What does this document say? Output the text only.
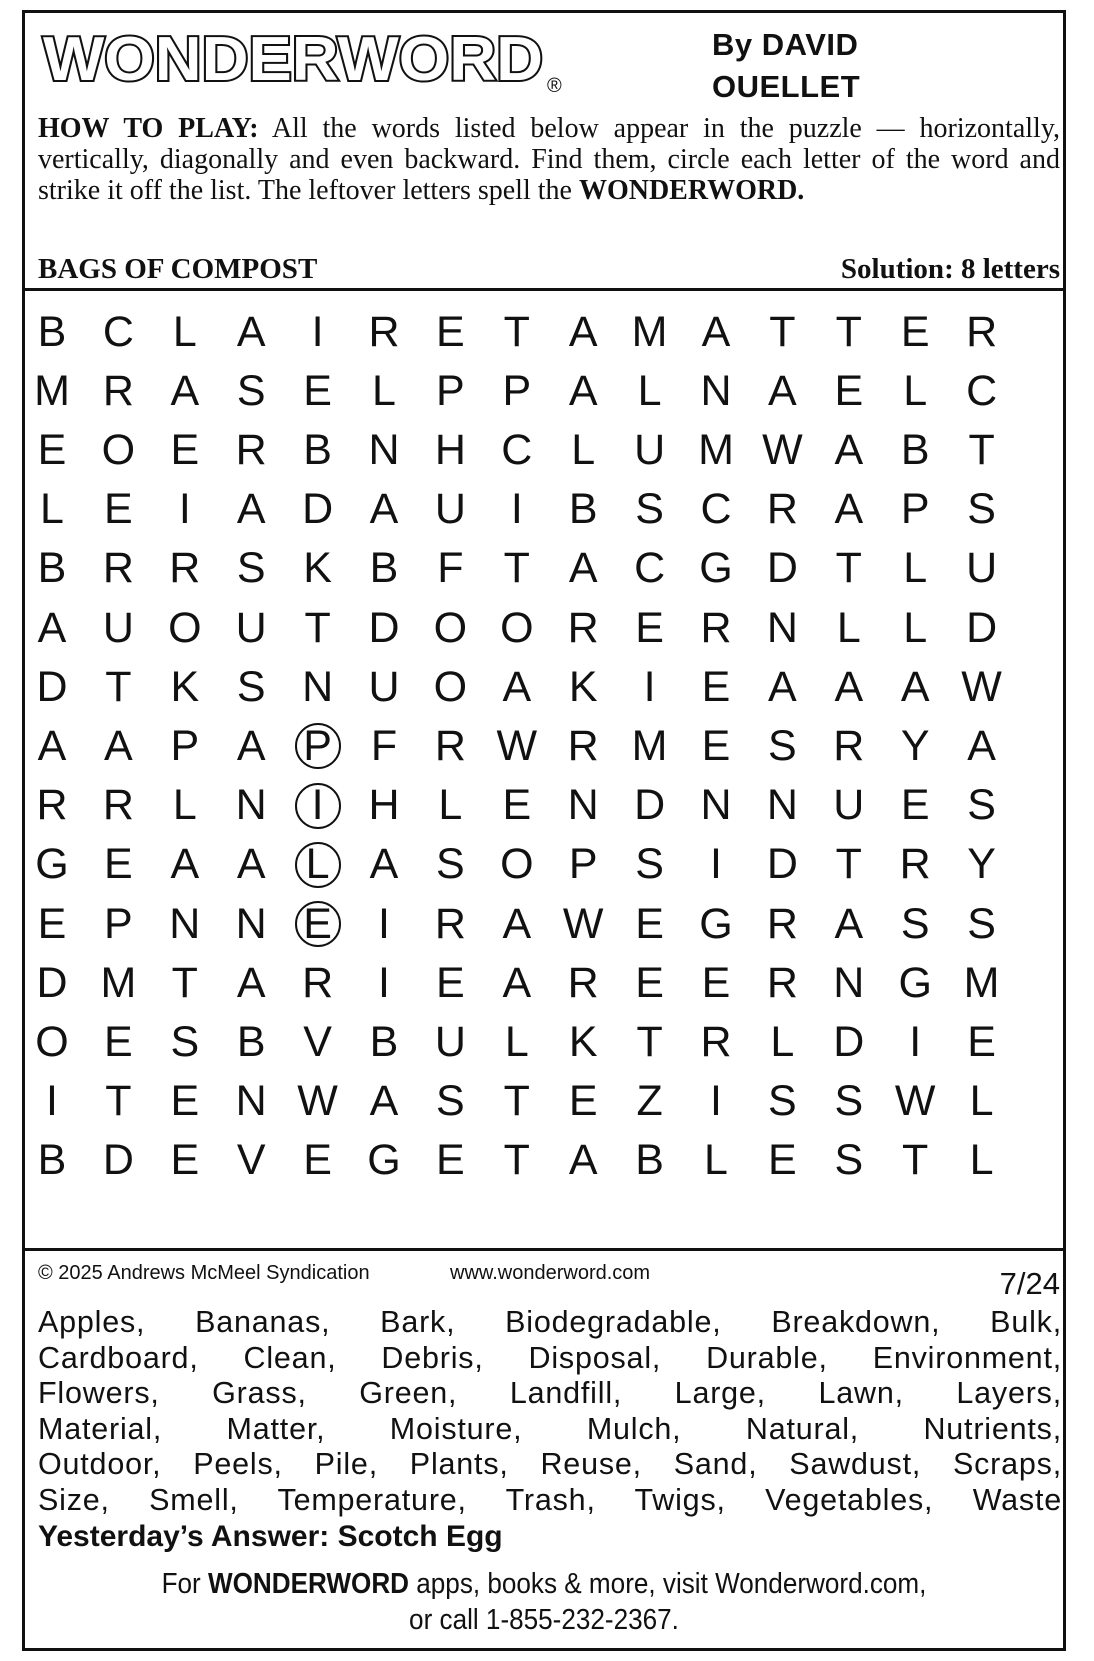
WONDERWORD ®
By DAVID
OUELLET
HOW TO PLAY: All the words listed below appear in the puzzle — horizontally, vertically, diagonally and even backward. Find them, circle each letter of the word and strike it off the list. The leftover letters spell the WONDERWORD.
BAGS OF COMPOST	Solution: 8 letters
B C L A I R E T A M A T T E R
M R A S E L P P A L N A E L C
E O E R B N H C L U M W A B T
L E I A D A U I B S C R A P S
B R R S K B F T A C G D T L U
A U O U T D O O R E R N L L D
D T K S N U O A K I E A A A W
A A P A P F R W R M E S R Y A
R R L N I H L E N D N N U E S
G E A A L A S O P S I D T R Y
E P N N E I R A W E G R A S S
D M T A R I E A R E E R N G M
O E S B V B U L K T R L D I E
I T E N W A S T E Z I S S W L
B D E V E G E T A B L E S T L
© 2025 Andrews McMeel Syndication	www.wonderword.com	7/24
Apples, Bananas, Bark, Biodegradable, Breakdown, Bulk,
Cardboard, Clean, Debris, Disposal, Durable, Environment,
Flowers, Grass, Green, Landfill, Large, Lawn, Layers,
Material, Matter, Moisture, Mulch, Natural, Nutrients,
Outdoor, Peels, Pile, Plants, Reuse, Sand, Sawdust, Scraps,
Size, Smell, Temperature, Trash, Twigs, Vegetables, Waste
Yesterday’s Answer: Scotch Egg
For WONDERWORD apps, books & more, visit Wonderword.com,
or call 1-855-232-2367.
